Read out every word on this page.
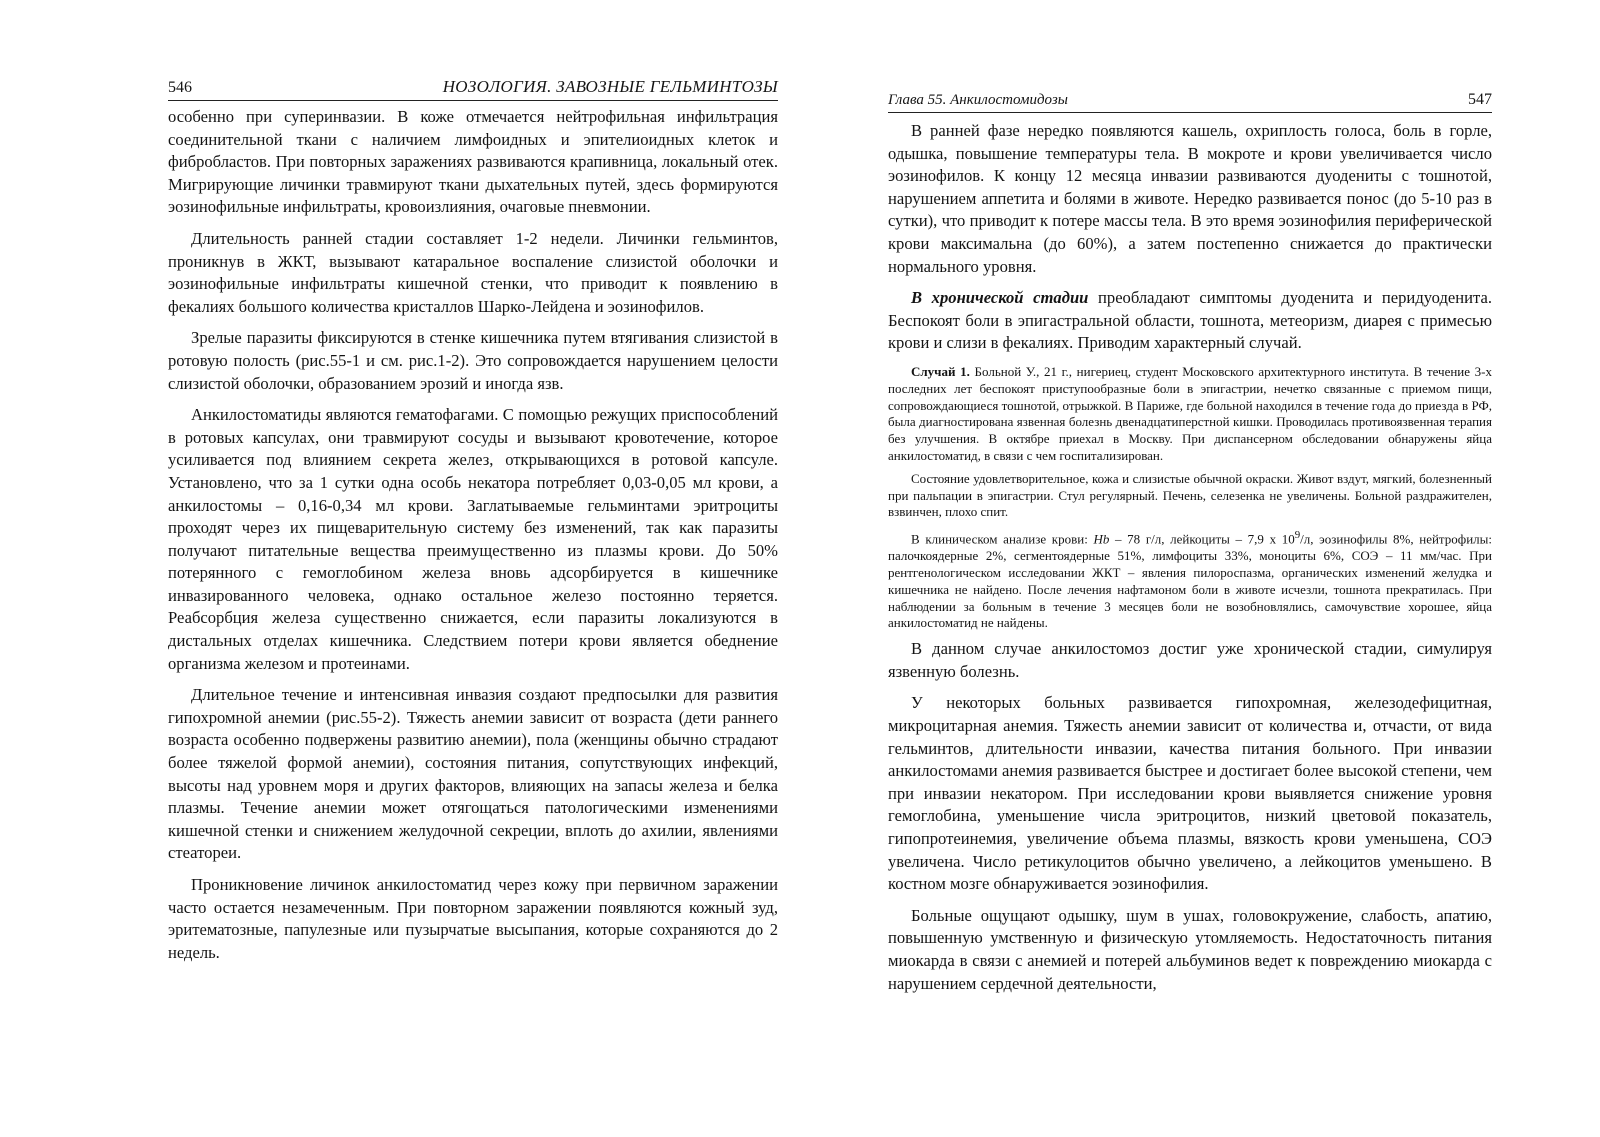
546	НОЗОЛОГИЯ. ЗАВОЗНЫЕ ГЕЛЬМИНТОЗЫ

особенно при суперинвазии. В коже отмечается нейтрофильная инфильтрация соединительной ткани с наличием лимфоидных и эпителиоидных клеток и фибробластов. При повторных заражениях развиваются крапивница, локальный отек. Мигрирующие личинки травмируют ткани дыхательных путей, здесь формируются эозинофильные инфильтраты, кровоизлияния, очаговые пневмонии.

Длительность ранней стадии составляет 1-2 недели. Личинки гельминтов, проникнув в ЖКТ, вызывают катаральное воспаление слизистой оболочки и эозинофильные инфильтраты кишечной стенки, что приводит к появлению в фекалиях большого количества кристаллов Шарко-Лейдена и эозинофилов.

Зрелые паразиты фиксируются в стенке кишечника путем втягивания слизистой в ротовую полость (рис.55-1 и см. рис.1-2). Это сопровождается нарушением целости слизистой оболочки, образованием эрозий и иногда язв.

Анкилостоматиды являются гематофагами. С помощью режущих приспособлений в ротовых капсулах, они травмируют сосуды и вызывают кровотечение, которое усиливается под влиянием секрета желез, открывающихся в ротовой капсуле. Установлено, что за 1 сутки одна особь некатора потребляет 0,03-0,05 мл крови, а анкилостомы – 0,16-0,34 мл крови. Заглатываемые гельминтами эритроциты проходят через их пищеварительную систему без изменений, так как паразиты получают питательные вещества преимущественно из плазмы крови. До 50% потерянного с гемоглобином железа вновь адсорбируется в кишечнике инвазированного человека, однако остальное железо постоянно теряется. Реабсорбция железа существенно снижается, если паразиты локализуются в дистальных отделах кишечника. Следствием потери крови является обеднение организма железом и протеинами.

Длительное течение и интенсивная инвазия создают предпосылки для развития гипохромной анемии (рис.55-2). Тяжесть анемии зависит от возраста (дети раннего возраста особенно подвержены развитию анемии), пола (женщины обычно страдают более тяжелой формой анемии), состояния питания, сопутствующих инфекций, высоты над уровнем моря и других факторов, влияющих на запасы железа и белка плазмы. Течение анемии может отягощаться патологическими изменениями кишечной стенки и снижением желудочной секреции, вплоть до ахилии, явлениями стеатореи.

Проникновение личинок анкилостоматид через кожу при первичном заражении часто остается незамеченным. При повторном заражении появляются кожный зуд, эритематозные, папулезные или пузырчатые высыпания, которые сохраняются до 2 недель.

Глава 55. Анкилостомидозы	547

В ранней фазе нередко появляются кашель, охриплость голоса, боль в горле, одышка, повышение температуры тела. В мокроте и крови увеличивается число эозинофилов. К концу 12 месяца инвазии развиваются дуодениты с тошнотой, нарушением аппетита и болями в животе. Нередко развивается понос (до 5-10 раз в сутки), что приводит к потере массы тела. В это время эозинофилия периферической крови максимальна (до 60%), а затем постепенно снижается до практически нормального уровня.

В хронической стадии преобладают симптомы дуоденита и перидуоденита. Беспокоят боли в эпигастральной области, тошнота, метеоризм, диарея с примесью крови и слизи в фекалиях. Приводим характерный случай.

Случай 1. Больной У., 21 г., нигериец, студент Московского архитектурного института. В течение 3-х последних лет беспокоят приступообразные боли в эпигастрии, нечетко связанные с приемом пищи, сопровождающиеся тошнотой, отрыжкой. В Париже, где больной находился в течение года до приезда в РФ, была диагностирована язвенная болезнь двенадцатиперстной кишки. Проводилась противоязвенная терапия без улучшения. В октябре приехал в Москву. При диспансерном обследовании обнаружены яйца анкилостоматид, в связи с чем госпитализирован.

Состояние удовлетворительное, кожа и слизистые обычной окраски. Живот вздут, мягкий, болезненный при пальпации в эпигастрии. Стул регулярный. Печень, селезенка не увеличены. Больной раздражителен, взвинчен, плохо спит.

В клиническом анализе крови: Hb – 78 г/л, лейкоциты – 7,9 х $10^9/л$, эозинофилы 8%, нейтрофилы: палочкоядерные 2%, сегментоядерные 51%, лимфоциты 33%, моноциты 6%, СОЭ – 11 мм/час. При рентгенологическом исследовании ЖКТ – явления пилороспазма, органических изменений желудка и кишечника не найдено. После лечения нафтамоном боли в животе исчезли, тошнота прекратилась. При наблюдении за больным в течение 3 месяцев боли не возобновлялись, самочувствие хорошее, яйца анкилостоматид не найдены.

В данном случае анкилостомоз достиг уже хронической стадии, симулируя язвенную болезнь.

У некоторых больных развивается гипохромная, железодефицитная, микроцитарная анемия. Тяжесть анемии зависит от количества и, отчасти, от вида гельминтов, длительности инвазии, качества питания больного. При инвазии анкилостомами анемия развивается быстрее и достигает более высокой степени, чем при инвазии некатором. При исследовании крови выявляется снижение уровня гемоглобина, уменьшение числа эритроцитов, низкий цветовой показатель, гипопротеинемия, увеличение объема плазмы, вязкость крови уменьшена, СОЭ увеличена. Число ретикулоцитов обычно увеличено, а лейкоцитов уменьшено. В костном мозге обнаруживается эозинофилия.

Больные ощущают одышку, шум в ушах, головокружение, слабость, апатию, повышенную умственную и физическую утомляемость. Недостаточность питания миокарда в связи с анемией и потерей альбуминов ведет к повреждению миокарда с нарушением сердечной деятельности,
